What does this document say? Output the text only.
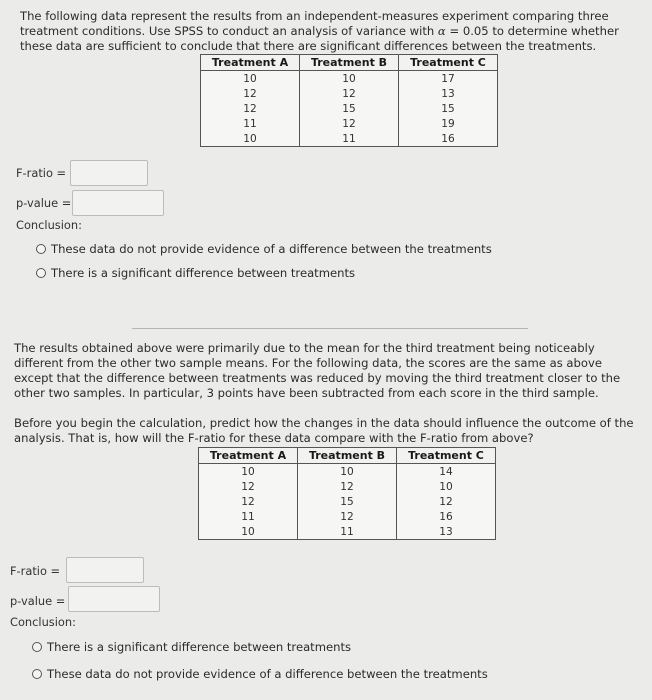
The following data represent the results from an independent-measures experiment comparing three
treatment conditions. Use SPSS to conduct an analysis of variance with α = 0.05 to determine whether
these data are sufficient to conclude that there are significant differences between the treatments.
Treatment A	Treatment B	Treatment C
10	10	17
12	12	13
12	15	15
11	12	19
10	11	16
F-ratio =
p-value =
Conclusion:
These data do not provide evidence of a difference between the treatments
There is a significant difference between treatments
The results obtained above were primarily due to the mean for the third treatment being noticeably
different from the other two sample means. For the following data, the scores are the same as above
except that the difference between treatments was reduced by moving the third treatment closer to the
other two samples. In particular, 3 points have been subtracted from each score in the third sample.
Before you begin the calculation, predict how the changes in the data should influence the outcome of the
analysis. That is, how will the F-ratio for these data compare with the F-ratio from above?
Treatment A	Treatment B	Treatment C
10	10	14
12	12	10
12	15	12
11	12	16
10	11	13
F-ratio =
p-value =
Conclusion:
There is a significant difference between treatments
These data do not provide evidence of a difference between the treatments
